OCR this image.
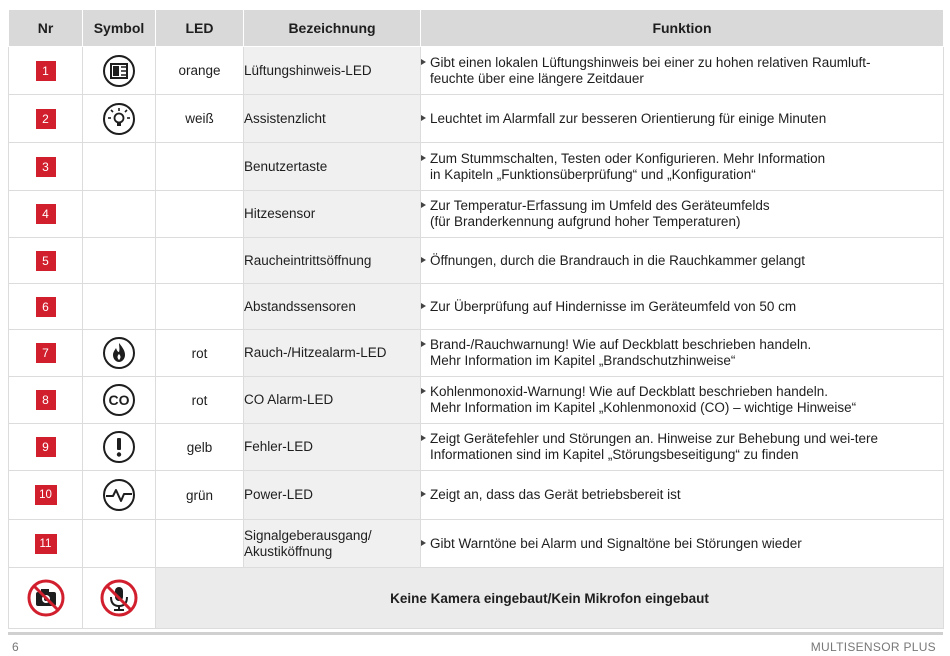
Nr	Symbol	LED	Bezeichnung	Funktion
1		orange	Lüftungshinweis-LED	Gibt einen lokalen Lüftungshinweis bei einer zu hohen relativen Raumluft-
feuchte über eine längere Zeitdauer

2		weiß	Assistenzlicht	Leuchtet im Alarmfall zur besseren Orientierung für einige Minuten

3			Benutzertaste	Zum Stummschalten, Testen oder Konfigurieren. Mehr Information
in Kapiteln „Funktionsüberprüfung“ und „Konfiguration“

4			Hitzesensor	Zur Temperatur-Erfassung im Umfeld des Geräteumfelds
(für Branderkennung aufgrund hoher Temperaturen)

5			Raucheintrittsöffnung	Öffnungen, durch die Brandrauch in die Rauchkammer gelangt

6			Abstandssensoren	Zur Überprüfung auf Hindernisse im Geräteumfeld von 50 cm

7		rot	Rauch-/Hitzealarm-LED	Brand-/Rauchwarnung! Wie auf Deckblatt beschrieben handeln.
Mehr Information im Kapitel „Brandschutzhinweise“

8	CO	rot	CO Alarm-LED	Kohlenmonoxid-Warnung! Wie auf Deckblatt beschrieben handeln.
Mehr Information im Kapitel „Kohlenmonoxid (CO) – wichtige Hinweise“

9		gelb	Fehler-LED	Zeigt Gerätefehler und Störungen an. Hinweise zur Behebung und wei-tere
Informationen sind im Kapitel „Störungsbeseitigung“ zu finden

10		grün	Power-LED	Zeigt an, dass das Gerät betriebsbereit ist

11			Signalgeberausgang/
Akustiköffnung	Gibt Warntöne bei Alarm und Signaltöne bei Störungen wieder

	Keine Kamera eingebaut/Kein Mikrofon eingebaut		
6	MULTISENSOR PLUS
